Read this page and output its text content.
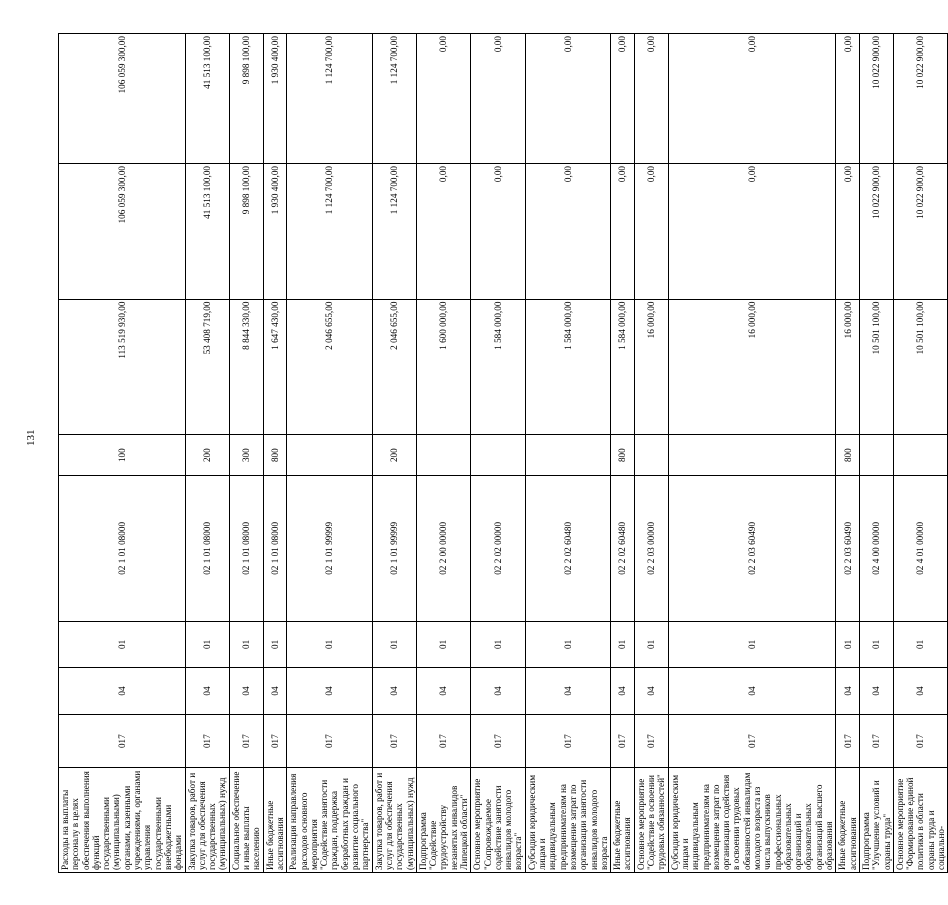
131
Расходы на выплаты персоналу в целях обеспечения выполнения функций государственными (муниципальными) органами, казенными учреждениями, органами управления государственными внебюджетными фондами	017	04	01	02 1 01 08000	100	113 519 930,00	106 059 300,00	106 059 300,00
Закупка товаров, работ и услуг для обеспечения государственных (муниципальных) нужд	017	04	01	02 1 01 08000	200	53 408 719,00	41 513 100,00	41 513 100,00
Социальное обеспечение и иные выплаты населению	017	04	01	02 1 01 08000	300	8 844 330,00	9 898 100,00	9 898 100,00
Иные бюджетные ассигнования	017	04	01	02 1 01 08000	800	1 647 430,00	1 930 400,00	1 930 400,00
Реализация направления расходов основного мероприятия "Содействие занятости граждан, поддержка безработных граждан и развитие социального партнерства"	017	04	01	02 1 01 99999		2 046 655,00	1 124 700,00	1 124 700,00
Закупка товаров, работ и услуг для обеспечения государственных (муниципальных) нужд	017	04	01	02 1 01 99999	200	2 046 655,00	1 124 700,00	1 124 700,00
Подпрограмма "Содействие трудоустройству незанятых инвалидов Липецкой области"	017	04	01	02 2 00 00000		1 600 000,00	0,00	0,00
Основное мероприятие "Сопровождаемое содействие занятости инвалидов молодого возраста"	017	04	01	02 2 02 00000		1 584 000,00	0,00	0,00
Субсидии юридическим лицам и индивидуальным предпринимателям на возмещение затрат по организации занятости инвалидов молодого возраста	017	04	01	02 2 02 60480		1 584 000,00	0,00	0,00
Иные бюджетные ассигнования	017	04	01	02 2 02 60480	800	1 584 000,00	0,00	0,00
Основное мероприятие "Содействие в освоении трудовых обязанностей"	017	04	01	02 2 03 00000		16 000,00	0,00	0,00
Субсидии юридическим лицам и индивидуальным предпринимателям на возмещение затрат по организации содействия в освоении трудовых обязанностей инвалидам молодого возраста из числа выпускников профессиональных образовательных организаций и образовательных организаций высшего образования	017	04	01	02 2 03 60490		16 000,00	0,00	0,00
Иные бюджетные ассигнования	017	04	01	02 2 03 60490	800	16 000,00	0,00	0,00
Подпрограмма "Улучшение условий и охраны труда"	017	04	01	02 4 00 00000		10 501 100,00	10 022 900,00	10 022 900,00
Основное мероприятие "Формирование единой политики в области охраны труда и социально-	017	04	01	02 4 01 00000		10 501 100,00	10 022 900,00	10 022 900,00
